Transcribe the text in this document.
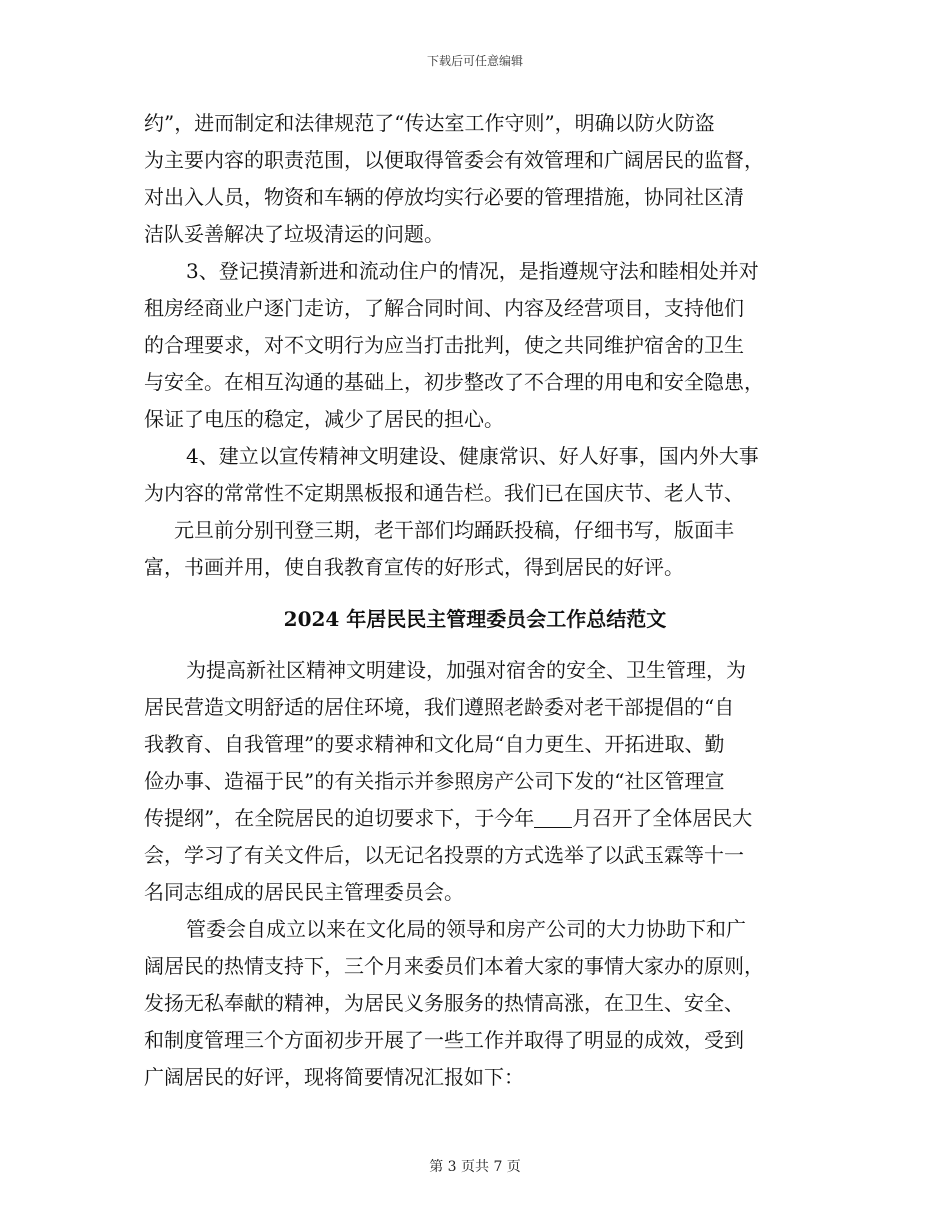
下载后可任意编辑
约”，进而制定和法律规范了“传达室工作守则”，明确以防火防盗
为主要内容的职责范围，以便取得管委会有效管理和广阔居民的监督，
对出入人员，物资和车辆的停放均实行必要的管理措施，协同社区清
洁队妥善解决了垃圾清运的问题。
3、登记摸清新进和流动住户的情况，是指遵规守法和睦相处并对
租房经商业户逐门走访，了解合同时间、内容及经营项目，支持他们
的合理要求，对不文明行为应当打击批判，使之共同维护宿舍的卫生
与安全。在相互沟通的基础上，初步整改了不合理的用电和安全隐患，
保证了电压的稳定，减少了居民的担心。
4、建立以宣传精神文明建设、健康常识、好人好事，国内外大事
为内容的常常性不定期黑板报和通告栏。我们已在国庆节、老人节、
元旦前分别刊登三期，老干部们均踊跃投稿，仔细书写，版面丰
富，书画并用，使自我教育宣传的好形式，得到居民的好评。
2024 年居民民主管理委员会工作总结范文
为提高新社区精神文明建设，加强对宿舍的安全、卫生管理，为
居民营造文明舒适的居住环境，我们遵照老龄委对老干部提倡的“自
我教育、自我管理”的要求精神和文化局“自力更生、开拓进取、勤
俭办事、造福于民”的有关指示并参照房产公司下发的“社区管理宣
传提纲”，在全院居民的迫切要求下，于今年 月召开了全体居民大
会，学习了有关文件后，以无记名投票的方式选举了以武玉霖等十一
名同志组成的居民民主管理委员会。
管委会自成立以来在文化局的领导和房产公司的大力协助下和广
阔居民的热情支持下，三个月来委员们本着大家的事情大家办的原则，
发扬无私奉献的精神，为居民义务服务的热情高涨，在卫生、安全、
和制度管理三个方面初步开展了一些工作并取得了明显的成效，受到
广阔居民的好评，现将简要情况汇报如下：
第 3 页共 7 页
